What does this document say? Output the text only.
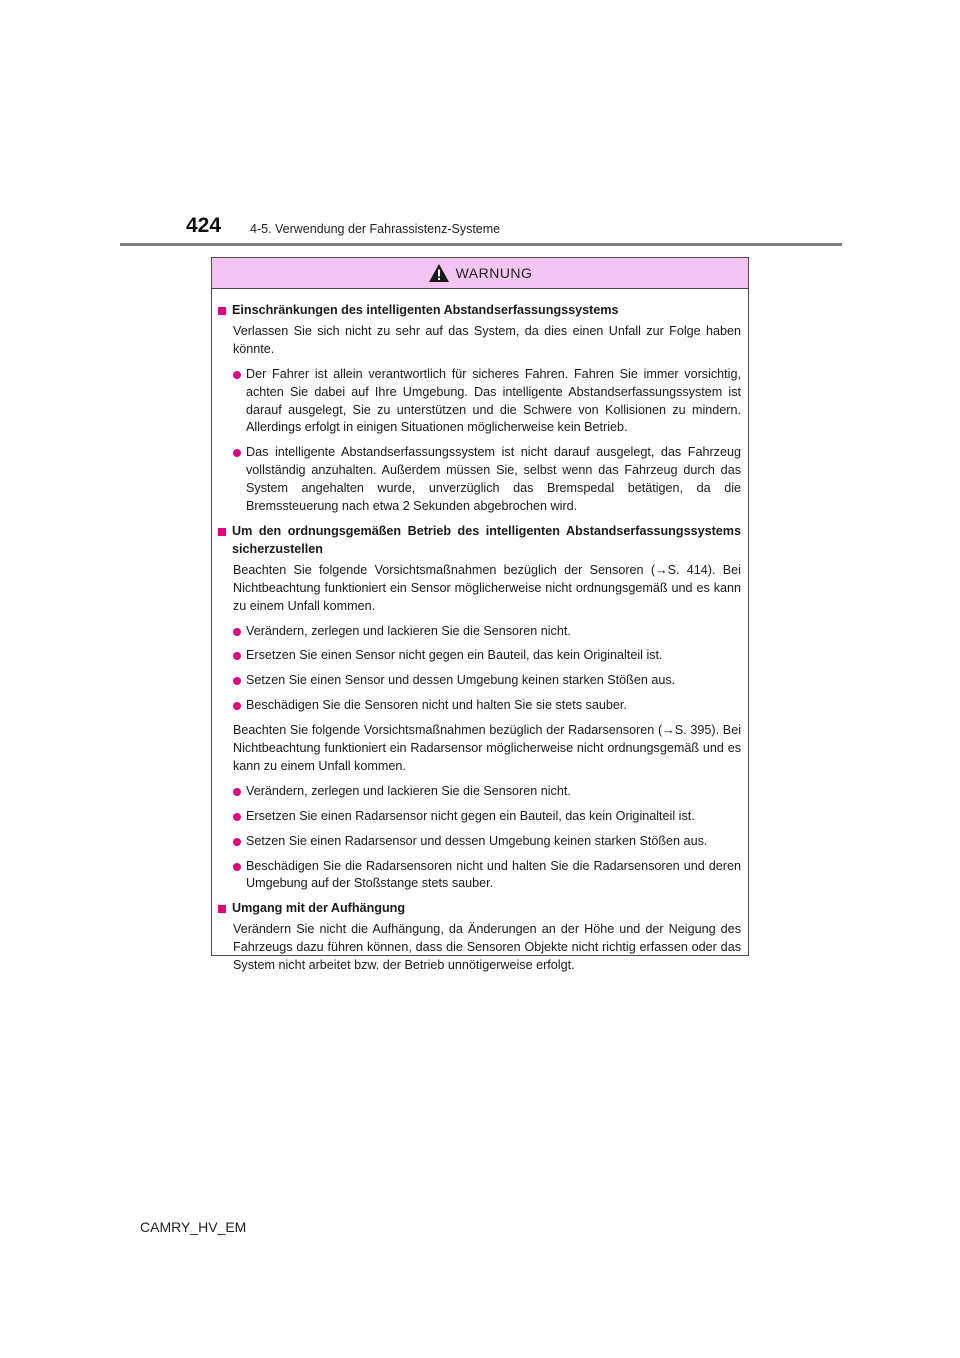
424 4-5. Verwendung der Fahrassistenz-Systeme
WARNUNG
Einschränkungen des intelligenten Abstandserfassungssystems

Verlassen Sie sich nicht zu sehr auf das System, da dies einen Unfall zur Folge haben könnte.

Der Fahrer ist allein verantwortlich für sicheres Fahren. Fahren Sie immer vorsichtig, achten Sie dabei auf Ihre Umgebung. Das intelligente Abstandserfassungssystem ist darauf ausgelegt, Sie zu unterstützen und die Schwere von Kollisionen zu mindern. Allerdings erfolgt in einigen Situationen möglicherweise kein Betrieb.
Das intelligente Abstandserfassungssystem ist nicht darauf ausgelegt, das Fahrzeug vollständig anzuhalten. Außerdem müssen Sie, selbst wenn das Fahrzeug durch das System angehalten wurde, unverzüglich das Bremspedal betätigen, da die Bremssteuerung nach etwa 2 Sekunden abgebrochen wird.
Um den ordnungsgemäßen Betrieb des intelligenten Abstandserfassungssystems sicherzustellen

Beachten Sie folgende Vorsichtsmaßnahmen bezüglich der Sensoren (→S. 414). Bei Nichtbeachtung funktioniert ein Sensor möglicherweise nicht ordnungsgemäß und es kann zu einem Unfall kommen.

Verändern, zerlegen und lackieren Sie die Sensoren nicht.
Ersetzen Sie einen Sensor nicht gegen ein Bauteil, das kein Originalteil ist.
Setzen Sie einen Sensor und dessen Umgebung keinen starken Stößen aus.
Beschädigen Sie die Sensoren nicht und halten Sie sie stets sauber.

Beachten Sie folgende Vorsichtsmaßnahmen bezüglich der Radarsensoren (→S. 395). Bei Nichtbeachtung funktioniert ein Radarsensor möglicherweise nicht ordnungsgemäß und es kann zu einem Unfall kommen.

Verändern, zerlegen und lackieren Sie die Sensoren nicht.
Ersetzen Sie einen Radarsensor nicht gegen ein Bauteil, das kein Originalteil ist.
Setzen Sie einen Radarsensor und dessen Umgebung keinen starken Stößen aus.
Beschädigen Sie die Radarsensoren nicht und halten Sie die Radarsensoren und deren Umgebung auf der Stoßstange stets sauber.
Umgang mit der Aufhängung

Verändern Sie nicht die Aufhängung, da Änderungen an der Höhe und der Neigung des Fahrzeugs dazu führen können, dass die Sensoren Objekte nicht richtig erfassen oder das System nicht arbeitet bzw. der Betrieb unnötigerweise erfolgt.

CAMRY_HV_EM
